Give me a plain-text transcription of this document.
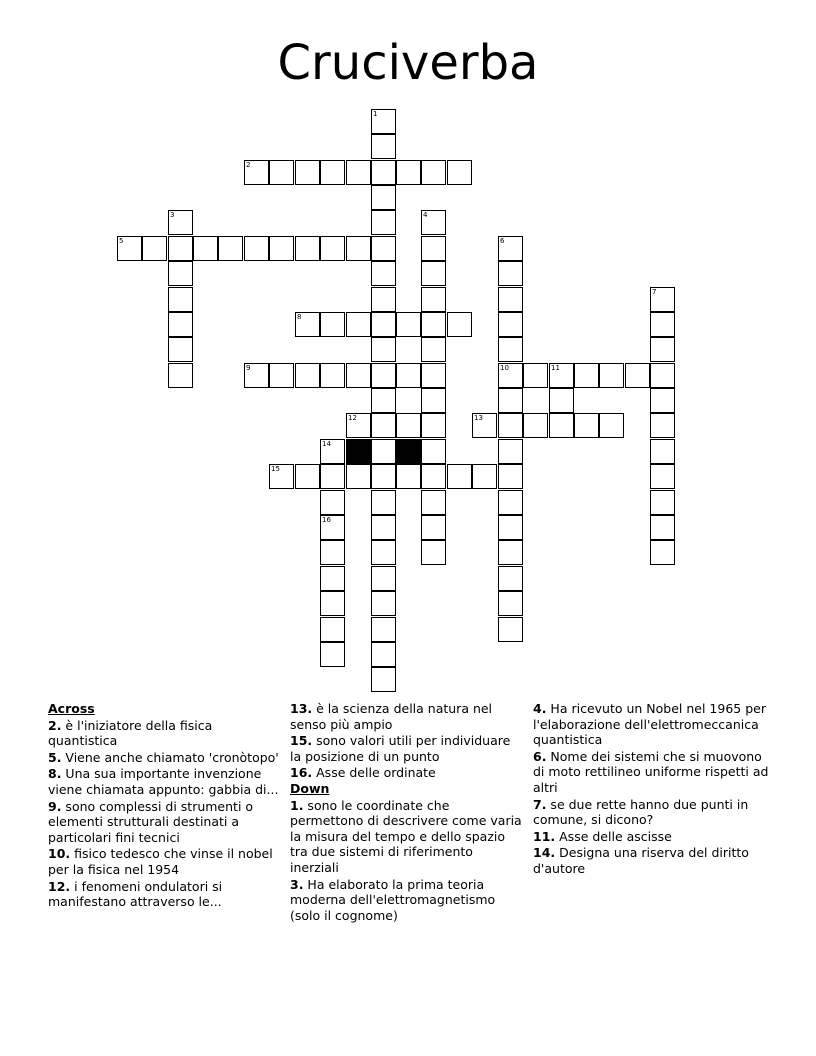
Cruciverba
1
2
3	4
5	6
10
7
8
9	11
12	13
14
15
16
Across
2. è l'iniziatore della fisica quantistica
5. Viene anche chiamato 'cronòtopo'
8. Una sua importante invenzione viene chiamata appunto: gabbia di...
9. sono complessi di strumenti o elementi strutturali destinati a particolari fini tecnici
10. fisico tedesco che vinse il nobel per la fisica nel 1954
12. i fenomeni ondulatori si manifestano attraverso le...
13. è la scienza della natura nel senso più ampio
15. sono valori utili per individuare la posizione di un punto
16. Asse delle ordinate
Down
1. sono le coordinate che permettono di descrivere come varia la misura del tempo e dello spazio tra due sistemi di riferimento inerziali
3. Ha elaborato la prima teoria moderna dell'elettromagnetismo (solo il cognome)
4. Ha ricevuto un Nobel nel 1965 per l'elaborazione dell'elettromeccanica quantistica
6. Nome dei sistemi che si muovono di moto rettilineo uniforme rispetti ad altri
7. se due rette hanno due punti in comune, si dicono?
11. Asse delle ascisse
14. Designa una riserva del diritto d'autore
